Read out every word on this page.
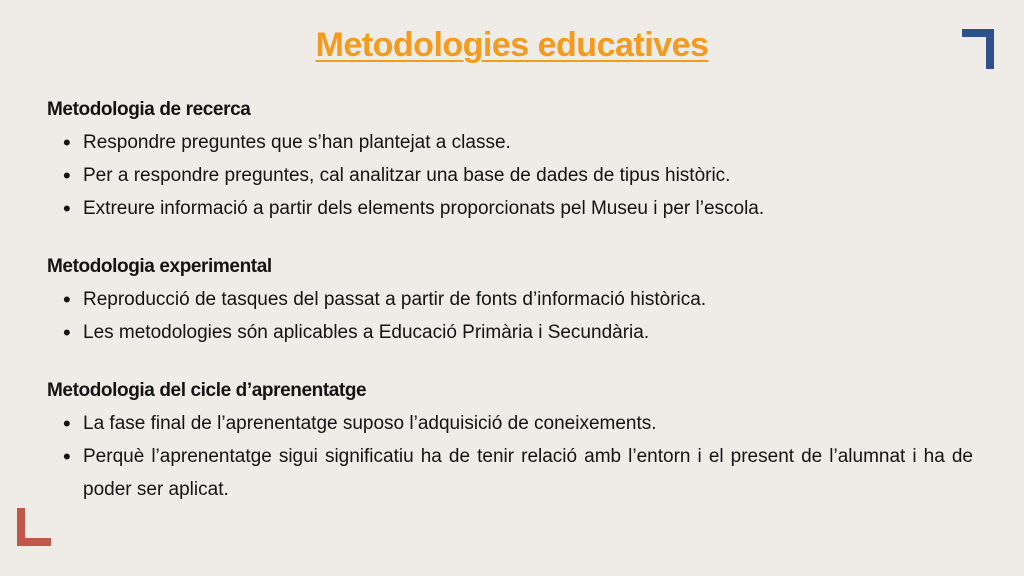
Metodologies educatives
Metodologia de recerca
• Respondre preguntes que s’han plantejat a classe.
• Per a respondre preguntes, cal analitzar una base de dades de tipus històric.
• Extreure informació a partir dels elements proporcionats pel Museu i per l’escola.
Metodologia experimental
• Reproducció de tasques del passat a partir de fonts d’informació històrica.
• Les metodologies són aplicables a Educació Primària i Secundària.
Metodologia del cicle d’aprenentatge
• La fase final de l’aprenentatge suposo l’adquisició de coneixements.
• Perquè l’aprenentatge sigui significatiu ha de tenir relació amb l’entorn i el present de l’alumnat i ha de poder ser aplicat.
